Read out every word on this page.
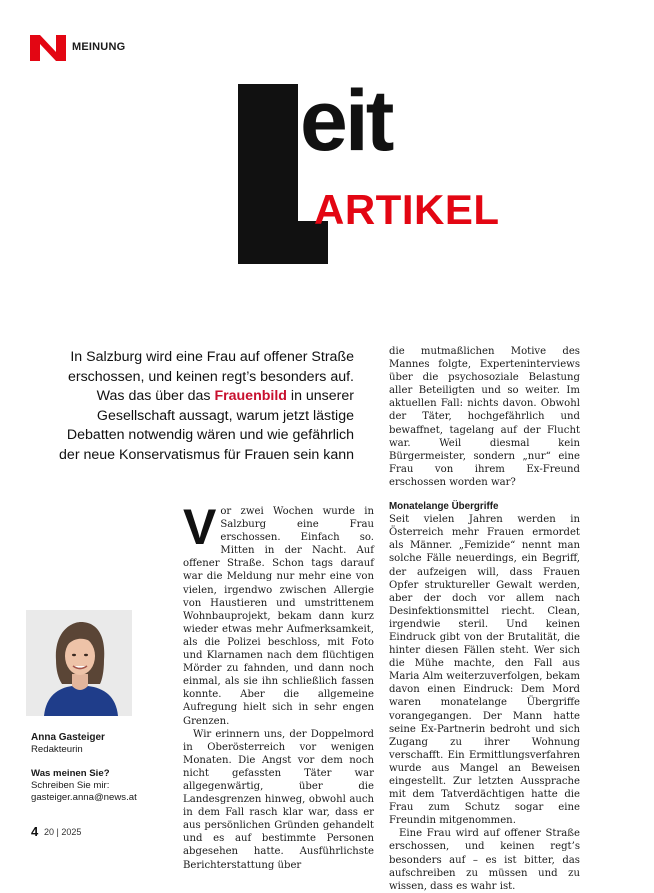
MEINUNG
eit
ARTIKEL
In Salzburg wird eine Frau auf offener Straße erschossen, und keinen regt’s besonders auf. Was das über das Frauenbild in unserer Gesellschaft aussagt, warum jetzt lästige Debatten notwendig wären und wie gefährlich der neue Konservatismus für Frauen sein kann

Vor zwei Wochen wurde in Salzburg eine Frau erschossen. Einfach so. Mitten in der Nacht. Auf offener Straße. Schon tags darauf war die Meldung nur mehr eine von vielen, irgendwo zwischen Allergie von Haustieren und umstrittenem Wohnbauprojekt, bekam dann kurz wieder etwas mehr Aufmerksamkeit, als die Polizei beschloss, mit Foto und Klarnamen nach dem flüchtigen Mörder zu fahnden, und dann noch einmal, als sie ihn schließlich fassen konnte. Aber die allgemeine Aufregung hielt sich in sehr engen Grenzen.

Wir erinnern uns, der Doppelmord in Oberösterreich vor wenigen Monaten. Die Angst vor dem noch nicht gefassten Täter war allgegenwärtig, über die Landesgrenzen hinweg, obwohl auch in dem Fall rasch klar war, dass er aus persönlichen Gründen gehandelt und es auf bestimmte Personen abgesehen hatte. Ausführlichste Berichterstattung über

die mutmaßlichen Motive des Mannes folgte, Experteninterviews über die psychosoziale Belastung aller Beteiligten und so weiter. Im aktuellen Fall: nichts davon. Obwohl der Täter, hochgefährlich und bewaffnet, tagelang auf der Flucht war. Weil diesmal kein Bürgermeister, sondern „nur“ eine Frau von ihrem Ex-Freund erschossen worden war?

Monatelange Übergriffe

Seit vielen Jahren werden in Österreich mehr Frauen ermordet als Männer. „Femizide“ nennt man solche Fälle neuerdings, ein Begriff, der aufzeigen will, dass Frauen Opfer struktureller Gewalt werden, aber der doch vor allem nach Desinfektionsmittel riecht. Clean, irgendwie steril. Und keinen Eindruck gibt von der Brutalität, die hinter diesen Fällen steht. Wer sich die Mühe machte, den Fall aus Maria Alm weiterzuverfolgen, bekam davon einen Eindruck: Dem Mord waren monatelange Übergriffe vorangegangen. Der Mann hatte seine Ex-Partnerin bedroht und sich Zugang zu ihrer Wohnung verschafft. Ein Ermittlungsverfahren wurde aus Mangel an Beweisen eingestellt. Zur letzten Aussprache mit dem Tatverdächtigen hatte die Frau zum Schutz sogar eine Freundin mitgenommen.

Eine Frau wird auf offener Straße erschossen, und keinen regt’s besonders auf – es ist bitter, das aufschreiben zu müssen und zu wissen, dass es wahr ist.

Anna Gasteiger
Redakteurin
Was meinen Sie?
Schreiben Sie mir:
gasteiger.anna@news.at
4 20 | 2025
